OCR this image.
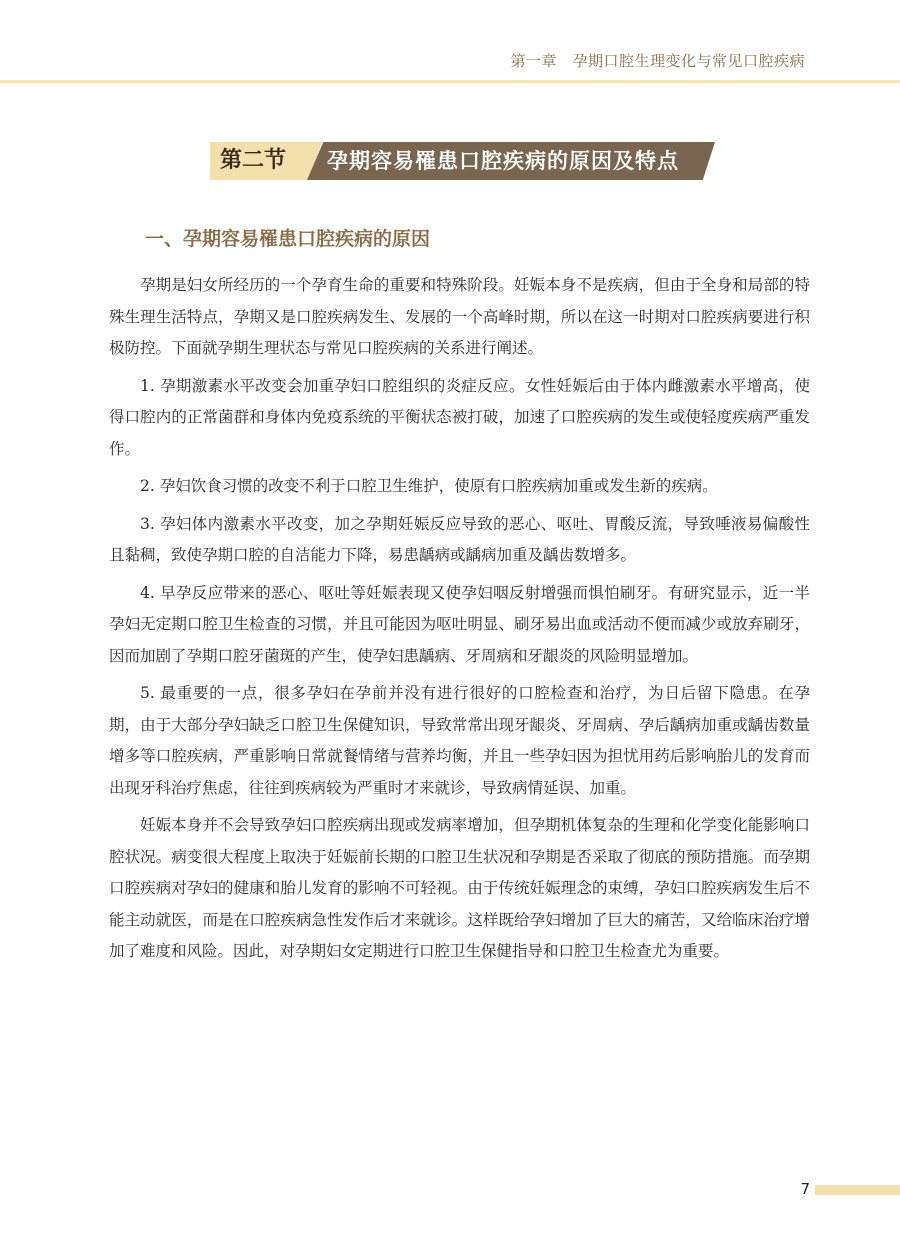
第一章　孕期口腔生理变化与常见口腔疾病
第二节 孕期容易罹患口腔疾病的原因及特点
一、孕期容易罹患口腔疾病的原因

孕期是妇女所经历的一个孕育生命的重要和特殊阶段。妊娠本身不是疾病，但由于全身和局部的特殊生理生活特点，孕期又是口腔疾病发生、发展的一个高峰时期，所以在这一时期对口腔疾病要进行积极防控。下面就孕期生理状态与常见口腔疾病的关系进行阐述。

1. 孕期激素水平改变会加重孕妇口腔组织的炎症反应。女性妊娠后由于体内雌激素水平增高，使得口腔内的正常菌群和身体内免疫系统的平衡状态被打破，加速了口腔疾病的发生或使轻度疾病严重发作。

2. 孕妇饮食习惯的改变不利于口腔卫生维护，使原有口腔疾病加重或发生新的疾病。

3. 孕妇体内激素水平改变，加之孕期妊娠反应导致的恶心、呕吐、胃酸反流，导致唾液易偏酸性且黏稠，致使孕期口腔的自洁能力下降，易患龋病或龋病加重及龋齿数增多。

4. 早孕反应带来的恶心、呕吐等妊娠表现又使孕妇咽反射增强而惧怕刷牙。有研究显示，近一半孕妇无定期口腔卫生检查的习惯，并且可能因为呕吐明显、刷牙易出血或活动不便而减少或放弃刷牙，因而加剧了孕期口腔牙菌斑的产生，使孕妇患龋病、牙周病和牙龈炎的风险明显增加。

5. 最重要的一点，很多孕妇在孕前并没有进行很好的口腔检查和治疗，为日后留下隐患。在孕期，由于大部分孕妇缺乏口腔卫生保健知识，导致常常出现牙龈炎、牙周病、孕后龋病加重或龋齿数量增多等口腔疾病，严重影响日常就餐情绪与营养均衡，并且一些孕妇因为担忧用药后影响胎儿的发育而出现牙科治疗焦虑，往往到疾病较为严重时才来就诊，导致病情延误、加重。

妊娠本身并不会导致孕妇口腔疾病出现或发病率增加，但孕期机体复杂的生理和化学变化能影响口腔状况。病变很大程度上取决于妊娠前长期的口腔卫生状况和孕期是否采取了彻底的预防措施。而孕期口腔疾病对孕妇的健康和胎儿发育的影响不可轻视。由于传统妊娠理念的束缚，孕妇口腔疾病发生后不能主动就医，而是在口腔疾病急性发作后才来就诊。这样既给孕妇增加了巨大的痛苦，又给临床治疗增加了难度和风险。因此，对孕期妇女定期进行口腔卫生保健指导和口腔卫生检查尤为重要。

7
